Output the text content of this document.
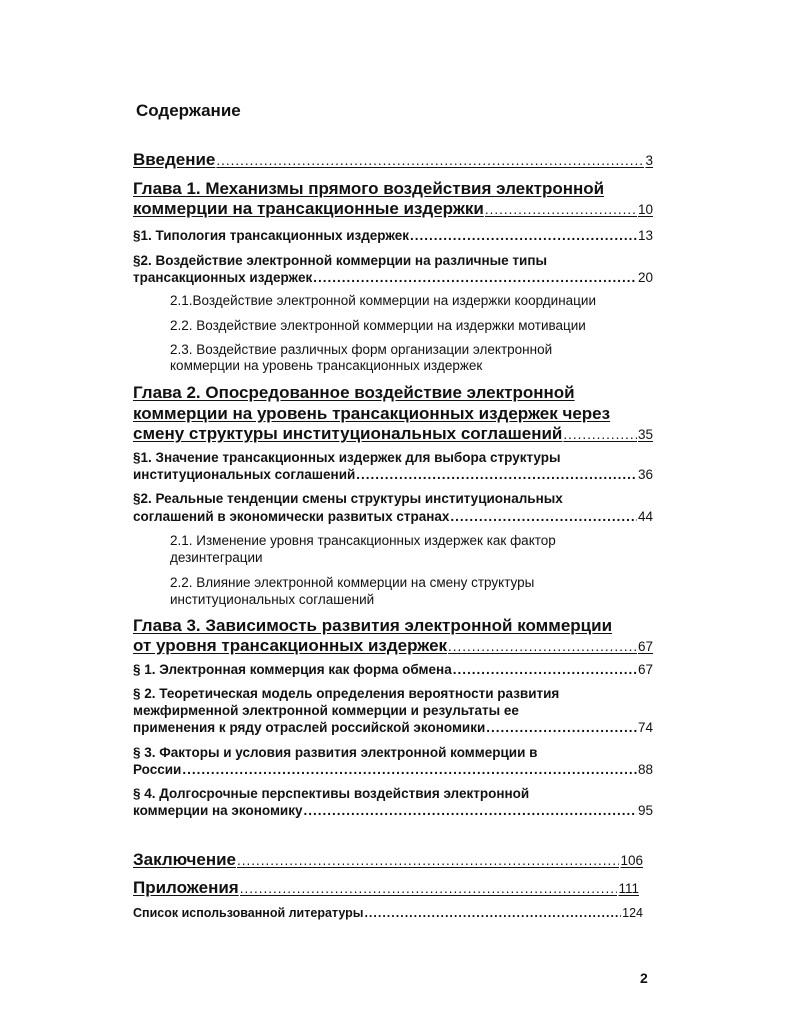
Содержание
Введение .....	3
Глава 1. Механизмы прямого воздействия электронной
коммерции на трансакционные издержки .....	10
§1. Типология трансакционных издержек .....	13
§2. Воздействие электронной коммерции на различные типы
трансакционных издержек .....	20
2.1.Воздействие электронной коммерции на издержки координации
2.2. Воздействие электронной коммерции на издержки мотивации
2.3. Воздействие различных форм организации электронной
коммерции на уровень трансакционных издержек
Глава 2. Опосредованное воздействие электронной
коммерции на уровень трансакционных издержек через
смену структуры институциональных соглашений .....	35
§1. Значение трансакционных издержек для выбора структуры
институциональных соглашений .....	36
§2. Реальные тенденции смены структуры институциональных
соглашений в экономически развитых странах .....	44
2.1. Изменение уровня трансакционных издержек как фактор
дезинтеграции
2.2. Влияние электронной коммерции на смену структуры
институциональных соглашений
Глава 3. Зависимость развития электронной коммерции
от уровня трансакционных издержек .....	67
§ 1. Электронная коммерция как форма обмена .....	67
§ 2. Теоретическая модель определения вероятности развития
межфирменной электронной коммерции и результаты ее
применения к ряду отраслей российской экономики .....	74
§ 3. Факторы и условия развития электронной коммерции в
России .....	88
§ 4. Долгосрочные перспективы воздействия электронной
коммерции на экономику .....	95
Заключение .....	106
Приложения .....	111
Список использованной литературы .....	124
2
